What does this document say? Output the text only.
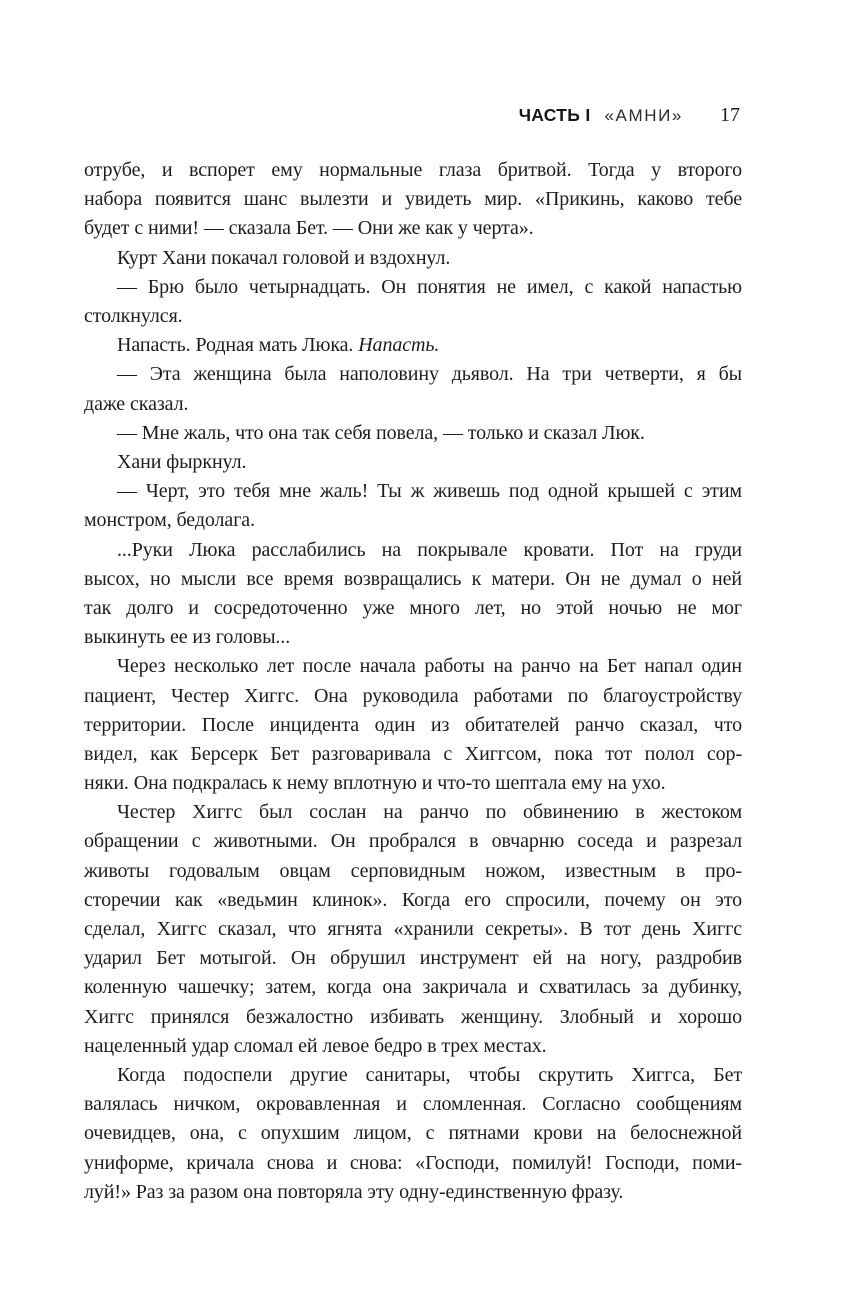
ЧАСТЬ I «АМНИ» 17
отрубе, и вспорет ему нормальные глаза бритвой. Тогда у второго
набора появится шанс вылезти и увидеть мир. «Прикинь, каково тебе
будет с ними! — сказала Бет. — Они же как у черта».
Курт Хани покачал головой и вздохнул.
— Брю было четырнадцать. Он понятия не имел, с какой напастью
столкнулся.
Напасть. Родная мать Люка. Напасть.
— Эта женщина была наполовину дьявол. На три четверти, я бы
даже сказал.
— Мне жаль, что она так себя повела, — только и сказал Люк.
Хани фыркнул.
— Черт, это тебя мне жаль! Ты ж живешь под одной крышей с этим
монстром, бедолага.
...Руки Люка расслабились на покрывале кровати. Пот на груди
высох, но мысли все время возвращались к матери. Он не думал о ней
так долго и сосредоточенно уже много лет, но этой ночью не мог
выкинуть ее из головы...
Через несколько лет после начала работы на ранчо на Бет напал один
пациент, Честер Хиггс. Она руководила работами по благоустройству
территории. После инцидента один из обитателей ранчо сказал, что
видел, как Берсерк Бет разговаривала с Хиггсом, пока тот полол сор-
няки. Она подкралась к нему вплотную и что-то шептала ему на ухо.
Честер Хиггс был сослан на ранчо по обвинению в жестоком
обращении с животными. Он пробрался в овчарню соседа и разрезал
животы годовалым овцам серповидным ножом, известным в про-
сторечии как «ведьмин клинок». Когда его спросили, почему он это
сделал, Хиггс сказал, что ягнята «хранили секреты». В тот день Хиггс
ударил Бет мотыгой. Он обрушил инструмент ей на ногу, раздробив
коленную чашечку; затем, когда она закричала и схватилась за дубинку,
Хиггс принялся безжалостно избивать женщину. Злобный и хорошо
нацеленный удар сломал ей левое бедро в трех местах.
Когда подоспели другие санитары, чтобы скрутить Хиггса, Бет
валялась ничком, окровавленная и сломленная. Согласно сообщениям
очевидцев, она, с опухшим лицом, с пятнами крови на белоснежной
униформе, кричала снова и снова: «Господи, помилуй! Господи, поми-
луй!» Раз за разом она повторяла эту одну-единственную фразу.
